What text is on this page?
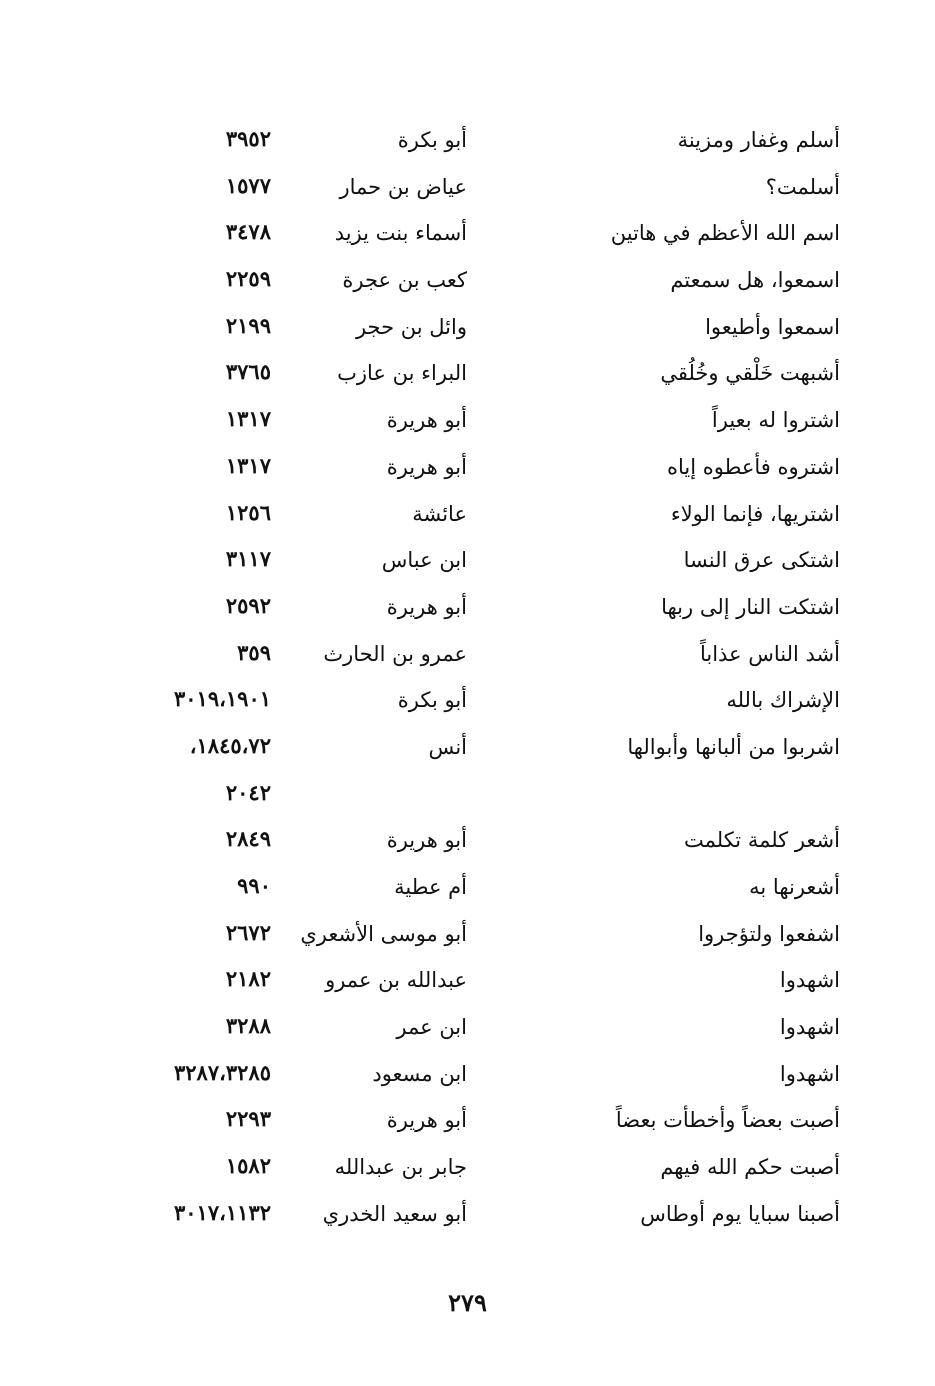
أسلم وغفار ومزينة
أبو بكرة
٣٩٥٢
أسلمت؟
عياض بن حمار
١٥٧٧
اسم الله الأعظم في هاتين
أسماء بنت يزيد
٣٤٧٨
اسمعوا، هل سمعتم
كعب بن عجرة
٢٢٥٩
اسمعوا وأطيعوا
وائل بن حجر
٢١٩٩
أشبهت خَلْقي وخُلُقي
البراء بن عازب
٣٧٦٥
اشتروا له بعيراً
أبو هريرة
١٣١٧
اشتروه فأعطوه إياه
أبو هريرة
١٣١٧
اشتريها، فإنما الولاء
عائشة
١٢٥٦
اشتكى عرق النسا
ابن عباس
٣١١٧
اشتكت النار إلى ربها
أبو هريرة
٢٥٩٢
أشد الناس عذاباً
عمرو بن الحارث
٣٥٩
الإشراك بالله
أبو بكرة
٣٠١٩،١٩٠١
اشربوا من ألبانها وأبوالها
أنس
١٨٤٥،٧٢،
٢٠٤٢
أشعر كلمة تكلمت
أبو هريرة
٢٨٤٩
أشعرنها به
أم عطية
٩٩٠
اشفعوا ولتؤجروا
أبو موسى الأشعري
٢٦٧٢
اشهدوا
عبدالله بن عمرو
٢١٨٢
اشهدوا
ابن عمر
٣٢٨٨
اشهدوا
ابن مسعود
٣٢٨٧،٣٢٨٥
أصبت بعضاً وأخطأت بعضاً
أبو هريرة
٢٢٩٣
أصبت حكم الله فيهم
جابر بن عبدالله
١٥٨٢
أصبنا سبايا يوم أوطاس
أبو سعيد الخدري
٣٠١٧،١١٣٢
٢٧٩
